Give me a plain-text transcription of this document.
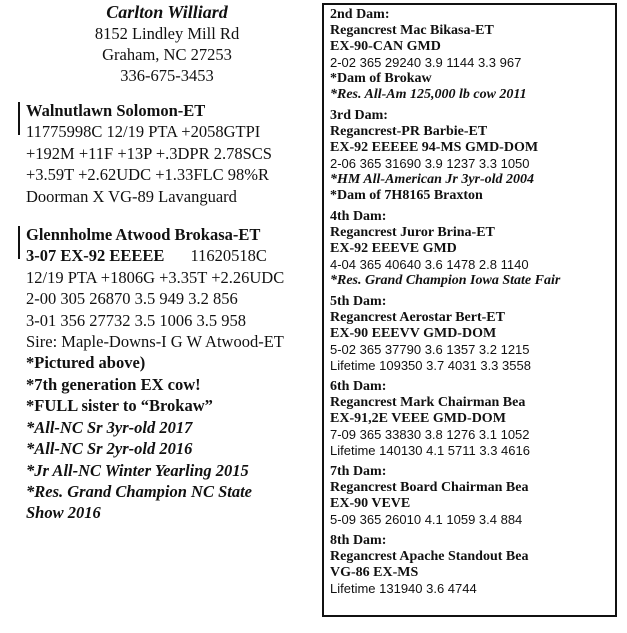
Carlton Williard
8152 Lindley Mill Rd
Graham, NC 27253
336-675-3453
Walnutlawn Solomon-ET
11775998C 12/19 PTA +2058GTPI
+192M +11F +13P +.3DPR 2.78SCS
+3.59T +2.62UDC +1.33FLC 98%R
Doorman X VG-89 Lavanguard
Glennholme Atwood Brokasa-ET
3-07 EX-92 EEEEE 11620518C
12/19 PTA +1806G +3.35T +2.26UDC
2-00 305 26870 3.5 949 3.2 856
3-01 356 27732 3.5 1006 3.5 958
Sire: Maple-Downs-I G W Atwood-ET
*Pictured above)
*7th generation EX cow!
*FULL sister to “Brokaw”
*All-NC Sr 3yr-old 2017
*All-NC Sr 2yr-old 2016
*Jr All-NC Winter Yearling 2015
*Res. Grand Champion NC State
Show 2016
2nd Dam:
Regancrest Mac Bikasa-ET
EX-90-CAN GMD
2-02 365 29240 3.9 1144 3.3 967
*Dam of Brokaw
*Res. All-Am 125,000 lb cow 2011
3rd Dam:
Regancrest-PR Barbie-ET
EX-92 EEEEE 94-MS GMD-DOM
2-06 365 31690 3.9 1237 3.3 1050
*HM All-American Jr 3yr-old 2004
*Dam of 7H8165 Braxton
4th Dam:
Regancrest Juror Brina-ET
EX-92 EEEVE GMD
4-04 365 40640 3.6 1478 2.8 1140
*Res. Grand Champion Iowa State Fair
5th Dam:
Regancrest Aerostar Bert-ET
EX-90 EEEVV GMD-DOM
5-02 365 37790 3.6 1357 3.2 1215
Lifetime 109350 3.7 4031 3.3 3558
6th Dam:
Regancrest Mark Chairman Bea
EX-91,2E VEEE GMD-DOM
7-09 365 33830 3.8 1276 3.1 1052
Lifetime 140130 4.1 5711 3.3 4616
7th Dam:
Regancrest Board Chairman Bea
EX-90 VEVE
5-09 365 26010 4.1 1059 3.4 884
8th Dam:
Regancrest Apache Standout Bea
VG-86 EX-MS
Lifetime 131940 3.6 4744
